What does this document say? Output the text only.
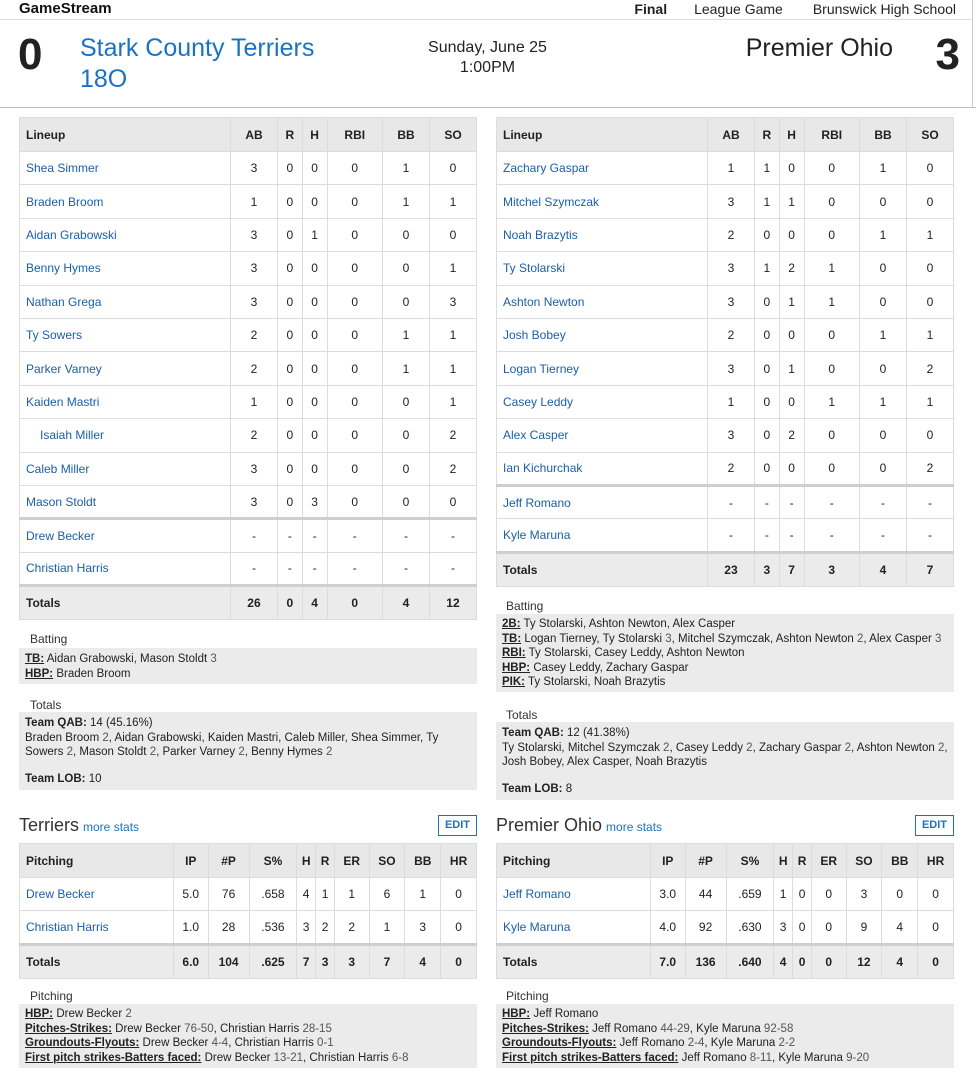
GameStream	Final League Game Brunswick High School
0 Stark County Terriers 18O
Sunday, June 25
1:00PM
Premier Ohio 3
Lineup	AB	R	H	RBI	BB	SO
Shea Simmer	3	0	0	0	1	0
Braden Broom	1	0	0	0	1	1
Aidan Grabowski	3	0	1	0	0	0
Benny Hymes	3	0	0	0	0	1
Nathan Grega	3	0	0	0	0	3
Ty Sowers	2	0	0	0	1	1
Parker Varney	2	0	0	0	1	1
Kaiden Mastri	1	0	0	0	0	1
Isaiah Miller	2	0	0	0	0	2
Caleb Miller	3	0	0	0	0	2
Mason Stoldt	3	0	3	0	0	0
Drew Becker	-	-	-	-	-	-
Christian Harris	-	-	-	-	-	-
Totals	26	0	4	0	4	12
Lineup	AB	R	H	RBI	BB	SO
Zachary Gaspar	1	1	0	0	1	0
Mitchel Szymczak	3	1	1	0	0	0
Noah Brazytis	2	0	0	0	1	1
Ty Stolarski	3	1	2	1	0	0
Ashton Newton	3	0	1	1	0	0
Josh Bobey	2	0	0	0	1	1
Logan Tierney	3	0	1	0	0	2
Casey Leddy	1	0	0	1	1	1
Alex Casper	3	0	2	0	0	0
Ian Kichurchak	2	0	0	0	0	2
Jeff Romano	-	-	-	-	-	-
Kyle Maruna	-	-	-	-	-	-
Totals	23	3	7	3	4	7
Batting
TB: Aidan Grabowski, Mason Stoldt 3
HBP: Braden Broom
Totals
Team QAB: 14 (45.16%)
Braden Broom 2, Aidan Grabowski, Kaiden Mastri, Caleb Miller, Shea Simmer, Ty
Sowers 2, Mason Stoldt 2, Parker Varney 2, Benny Hymes 2
Team LOB: 10
Batting
2B: Ty Stolarski, Ashton Newton, Alex Casper
TB: Logan Tierney, Ty Stolarski 3, Mitchel Szymczak, Ashton Newton 2, Alex Casper 3
RBI: Ty Stolarski, Casey Leddy, Ashton Newton
HBP: Casey Leddy, Zachary Gaspar
PIK: Ty Stolarski, Noah Brazytis
Totals
Team QAB: 12 (41.38%)
Ty Stolarski, Mitchel Szymczak 2, Casey Leddy 2, Zachary Gaspar 2, Ashton Newton 2,
Josh Bobey, Alex Casper, Noah Brazytis
Team LOB: 8
Terriers more stats	EDIT	Premier Ohio more stats	EDIT
Pitching	IP	#P	S%	H	R	ER	SO	BB	HR
Drew Becker	5.0	76	.658	4	1	1	6	1	0
Christian Harris	1.0	28	.536	3	2	2	1	3	0
Totals	6.0	104	.625	7	3	3	7	4	0
Pitching	IP	#P	S%	H	R	ER	SO	BB	HR
Jeff Romano	3.0	44	.659	1	0	0	3	0	0
Kyle Maruna	4.0	92	.630	3	0	0	9	4	0
Totals	7.0	136	.640	4	0	0	12	4	0
Pitching
HBP: Drew Becker 2
Pitches-Strikes: Drew Becker 76-50, Christian Harris 28-15
Groundouts-Flyouts: Drew Becker 4-4, Christian Harris 0-1
First pitch strikes-Batters faced: Drew Becker 13-21, Christian Harris 6-8
Pitching
HBP: Jeff Romano
Pitches-Strikes: Jeff Romano 44-29, Kyle Maruna 92-58
Groundouts-Flyouts: Jeff Romano 2-4, Kyle Maruna 2-2
First pitch strikes-Batters faced: Jeff Romano 8-11, Kyle Maruna 9-20
